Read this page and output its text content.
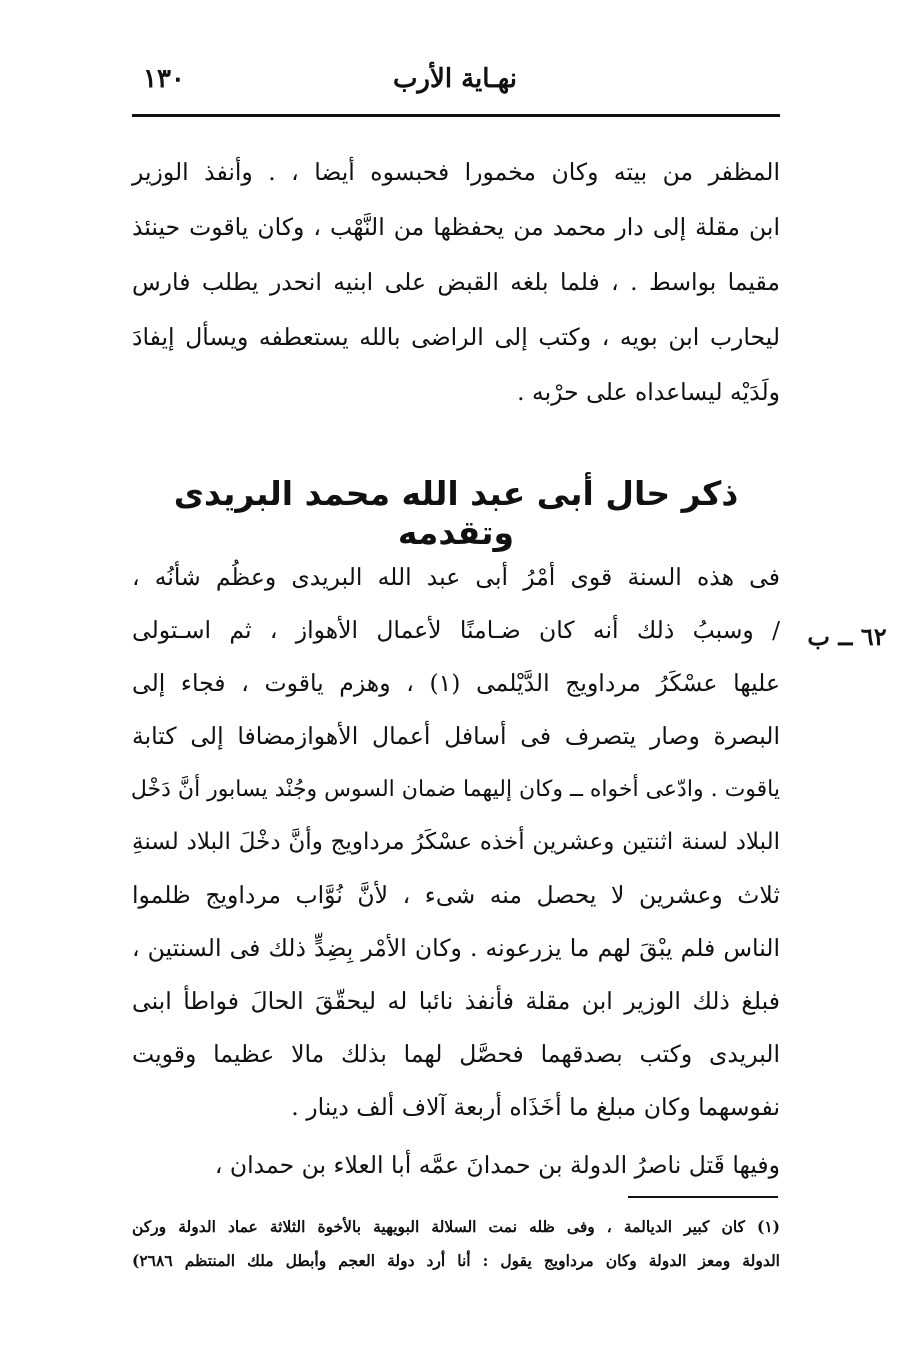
١٣٠	نهـاية الأرب
المظفر من بيته وكان مخمورا فحبسوه أيضا ، . وأنفذ الوزير
ابن مقلة إلى دار محمد من يحفظها من النَّهْب ، وكان ياقوت حينئذ
مقيما بواسط . ، فلما بلغه القبض على ابنيه انحدر يطلب فارس
ليحارب ابن بويه ، وكتب إلى الراضى بالله يستعطفه ويسأل إيفادَ
ولَدَيْه ليساعداه على حرْبه .
ذكر حال أبى عبد الله محمد البريدى وتقدمه
٦٢ ــ ب
فى هذه السنة قوى أمْرُ أبى عبد الله البريدى وعظُم شأنُه ،
/ وسببُ ذلك أنه كان ضـامنًا لأعمال الأهواز ، ثم اسـتولى
عليها عسْكَرُ مرداويج الدَّيْلمى (١) ، وهزم ياقوت ، فجاء إلى
البصرة وصار يتصرف فى أسافل أعمال الأهوازمضافا إلى كتابة
ياقوت . وادّعى أخواه ــ وكان إليهما ضمان السوس وجُنْد يسابور أنَّ دَخْل
البلاد لسنة اثنتين وعشرين أخذه عسْكَرُ مرداويج وأنَّ دخْلَ البلاد لسنةِ
ثلاث وعشرين لا يحصل منه شىء ، لأنَّ نُوَّاب مرداويج ظلموا
الناس فلم يبْقَ لهم ما يزرعونه . وكان الأمْر بِضِدٍّ ذلك فى السنتين ،
فبلغ ذلك الوزير ابن مقلة فأنفذ نائبا له ليحقّقَ الحالَ فواطأ ابنى
البريدى وكتب بصدقهما فحصَّل لهما بذلك مالا عظيما وقويت
نفوسهما وكان مبلغ ما أخَذَاه أربعة آلاف ألف دينار .
وفيها قَتل ناصرُ الدولة بن حمدانَ عمَّه أبا العلاء بن حمدان ،
(١) كان كبير الديالمة ، وفى ظله نمت السلالة البويهية بالأخوة الثلاثة عماد الدولة وركن
الدولة ومعز الدولة وكان مرداويج يقول : أنا أرد دولة العجم وأبطل ملك المنتظم ٢٦٨٦)
